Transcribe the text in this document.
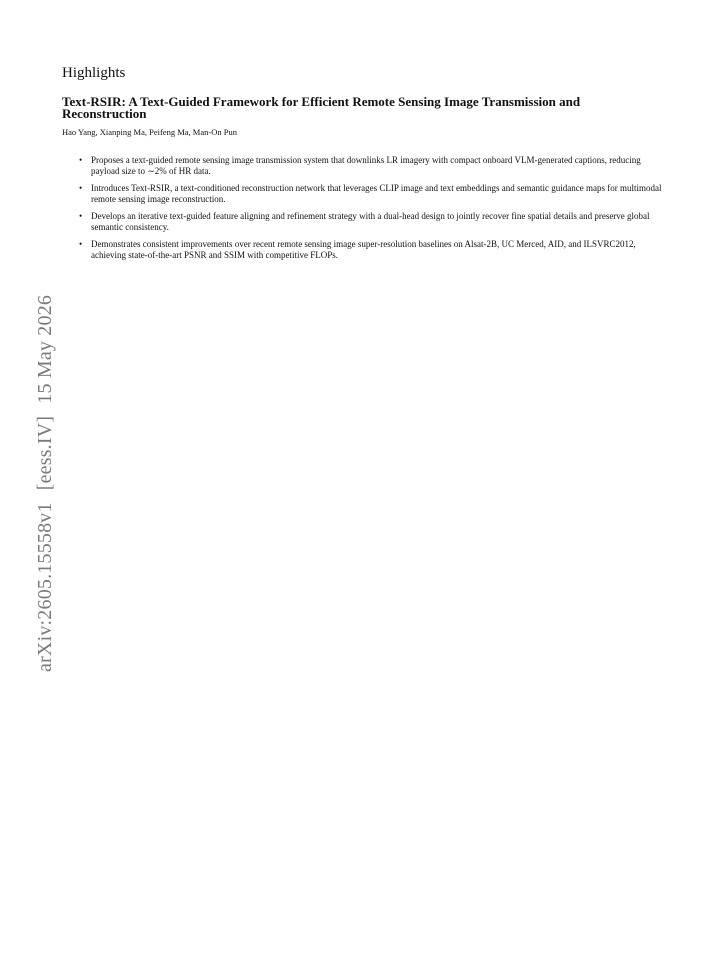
arXiv:2605.15558v1[eess.IV]15 May 2026
Highlights
Text-RSIR: A Text-Guided Framework for Efficient Remote Sensing Image Transmission and Reconstruction
Hao Yang, Xianping Ma, Peifeng Ma, Man-On Pun
• Proposes a text-guided remote sensing image transmission system that downlinks LR imagery with compact onboard VLM-generated captions, reducing payload size to ∼2% of HR data.
• Introduces Text-RSIR, a text-conditioned reconstruction network that leverages CLIP image and text embeddings and semantic guidance maps for multimodal remote sensing image reconstruction.
• Develops an iterative text-guided feature aligning and refinement strategy with a dual-head design to jointly recover fine spatial details and preserve global semantic consistency.
• Demonstrates consistent improvements over recent remote sensing image super-resolution baselines on Alsat-2B, UC Merced, AID, and ILSVRC2012, achieving state-of-the-art PSNR and SSIM with competitive FLOPs.
